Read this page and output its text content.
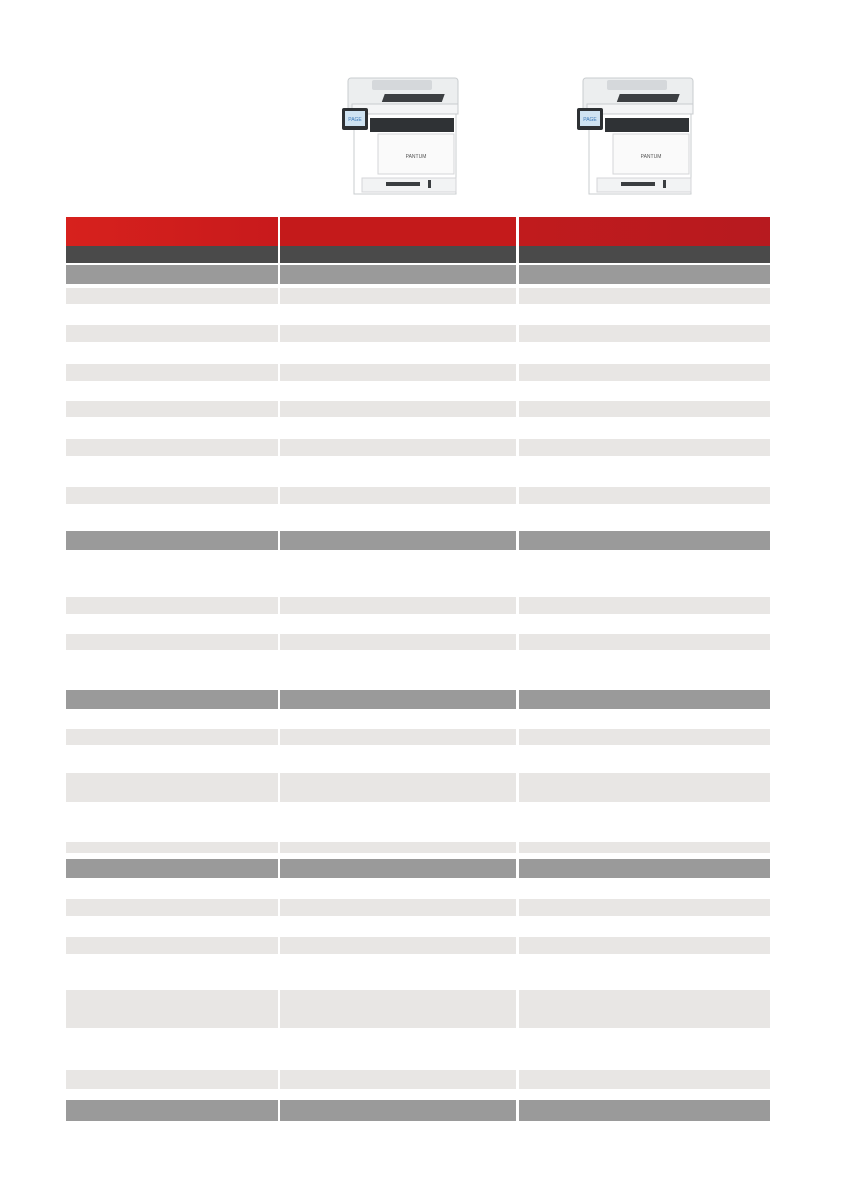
PAGE
PANTUM
PAGE
PANTUM
